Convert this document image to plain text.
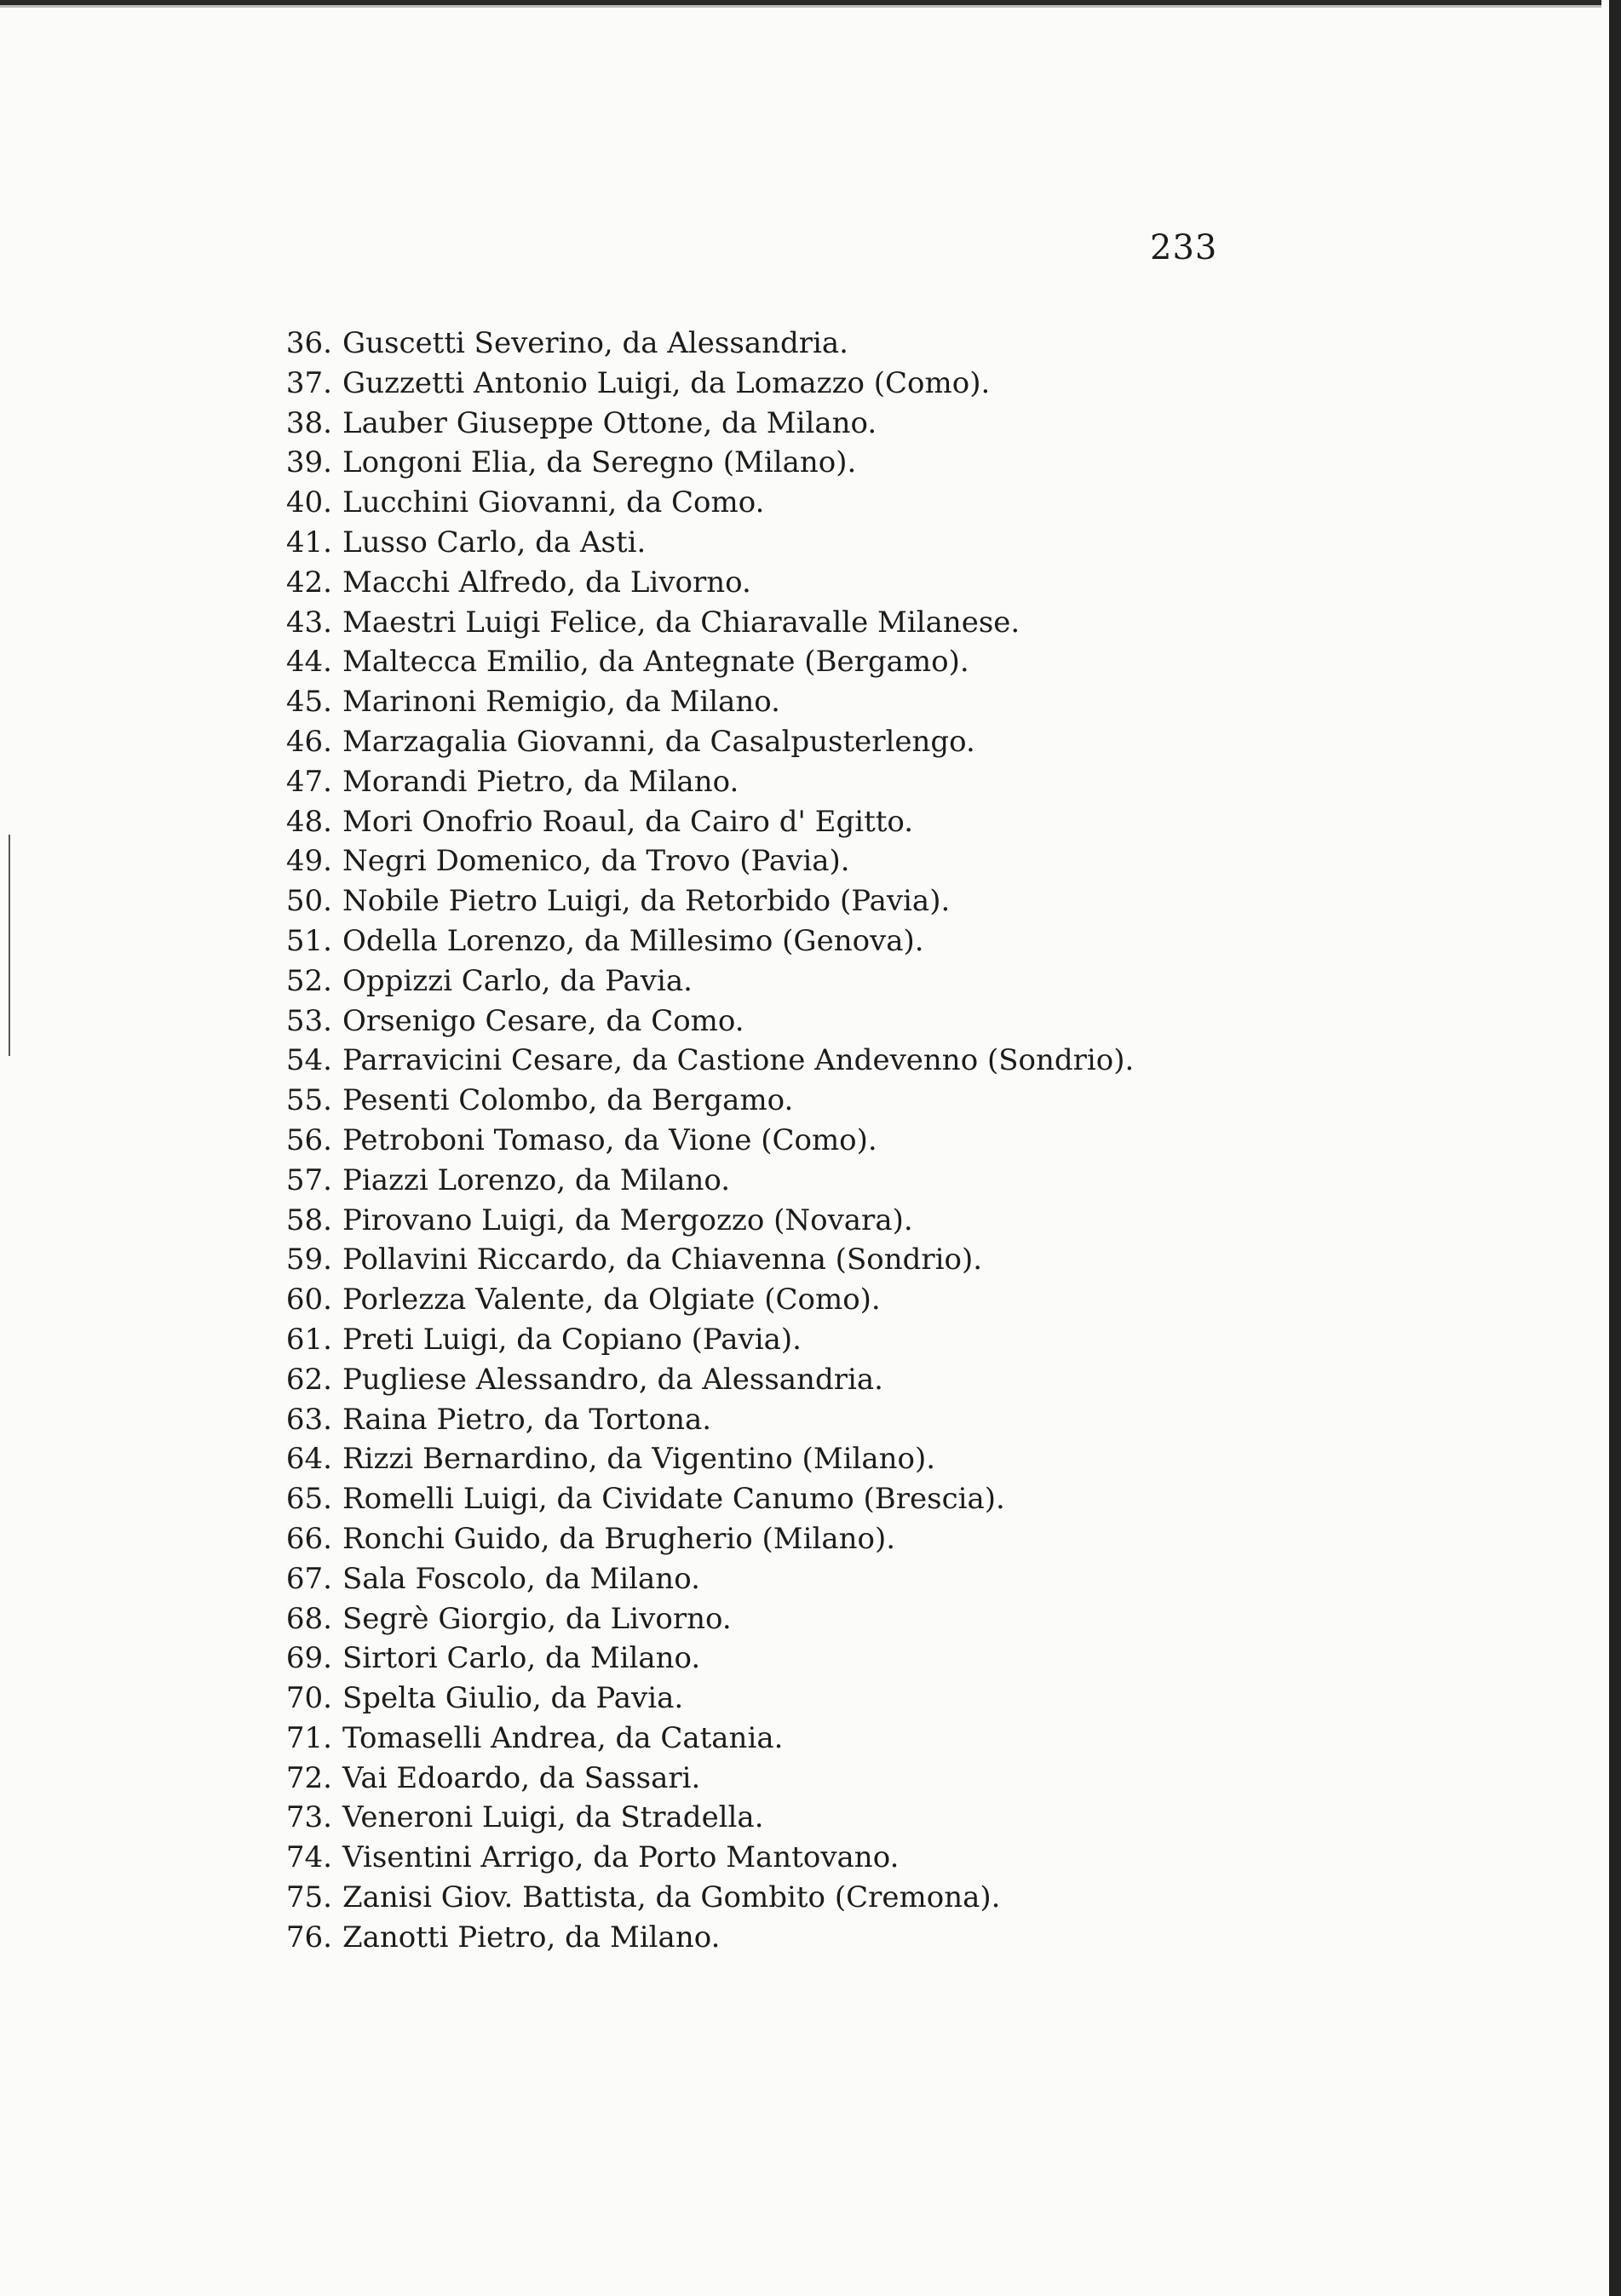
233
36. Guscetti Severino, da Alessandria.
37. Guzzetti Antonio Luigi, da Lomazzo (Como).
38. Lauber Giuseppe Ottone, da Milano.
39. Longoni Elia, da Seregno (Milano).
40. Lucchini Giovanni, da Como.
41. Lusso Carlo, da Asti.
42. Macchi Alfredo, da Livorno.
43. Maestri Luigi Felice, da Chiaravalle Milanese.
44. Maltecca Emilio, da Antegnate (Bergamo).
45. Marinoni Remigio, da Milano.
46. Marzagalia Giovanni, da Casalpusterlengo.
47. Morandi Pietro, da Milano.
48. Mori Onofrio Roaul, da Cairo d' Egitto.
49. Negri Domenico, da Trovo (Pavia).
50. Nobile Pietro Luigi, da Retorbido (Pavia).
51. Odella Lorenzo, da Millesimo (Genova).
52. Oppizzi Carlo, da Pavia.
53. Orsenigo Cesare, da Como.
54. Parravicini Cesare, da Castione Andevenno (Sondrio).
55. Pesenti Colombo, da Bergamo.
56. Petroboni Tomaso, da Vione (Como).
57. Piazzi Lorenzo, da Milano.
58. Pirovano Luigi, da Mergozzo (Novara).
59. Pollavini Riccardo, da Chiavenna (Sondrio).
60. Porlezza Valente, da Olgiate (Como).
61. Preti Luigi, da Copiano (Pavia).
62. Pugliese Alessandro, da Alessandria.
63. Raina Pietro, da Tortona.
64. Rizzi Bernardino, da Vigentino (Milano).
65. Romelli Luigi, da Cividate Canumo (Brescia).
66. Ronchi Guido, da Brugherio (Milano).
67. Sala Foscolo, da Milano.
68. Segrè Giorgio, da Livorno.
69. Sirtori Carlo, da Milano.
70. Spelta Giulio, da Pavia.
71. Tomaselli Andrea, da Catania.
72. Vai Edoardo, da Sassari.
73. Veneroni Luigi, da Stradella.
74. Visentini Arrigo, da Porto Mantovano.
75. Zanisi Giov. Battista, da Gombito (Cremona).
76. Zanotti Pietro, da Milano.
